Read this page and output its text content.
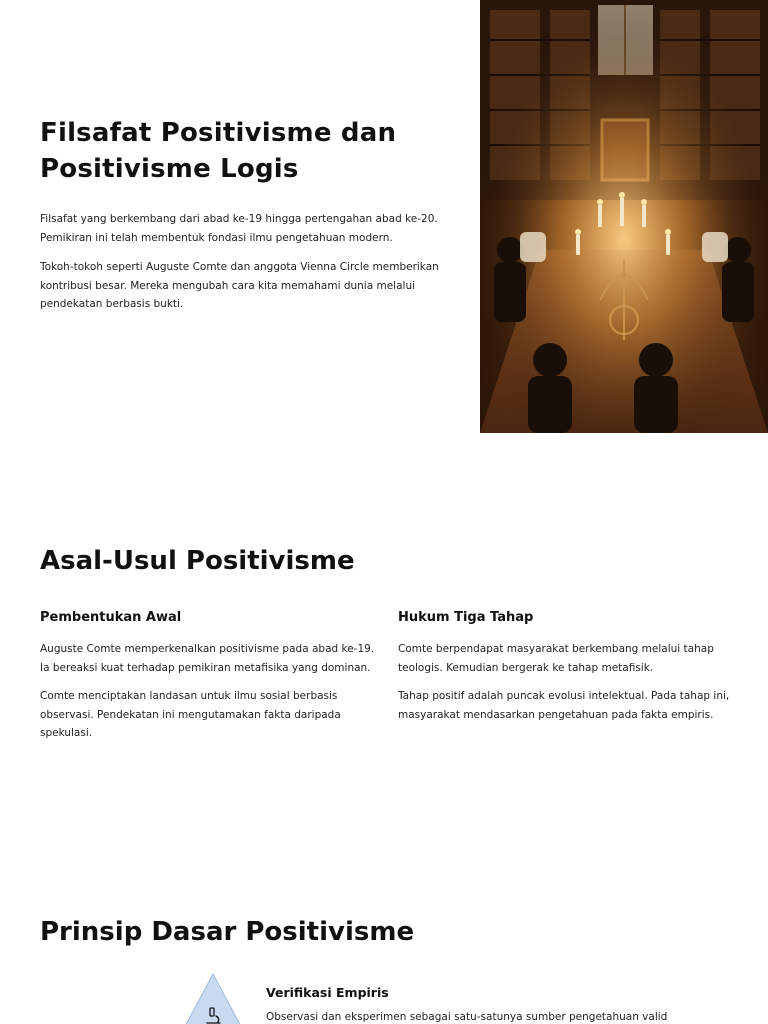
Filsafat Positivisme dan Positivisme Logis

Filsafat yang berkembang dari abad ke-19 hingga pertengahan abad ke-20. Pemikiran ini telah membentuk fondasi ilmu pengetahuan modern.

Tokoh-tokoh seperti Auguste Comte dan anggota Vienna Circle memberikan kontribusi besar. Mereka mengubah cara kita memahami dunia melalui pendekatan berbasis bukti.

Asal-Usul Positivisme
Pembentukan Awal

Auguste Comte memperkenalkan positivisme pada abad ke-19. Ia bereaksi kuat terhadap pemikiran metafisika yang dominan.

Comte menciptakan landasan untuk ilmu sosial berbasis observasi. Pendekatan ini mengutamakan fakta daripada spekulasi.

Hukum Tiga Tahap

Comte berpendapat masyarakat berkembang melalui tahap teologis. Kemudian bergerak ke tahap metafisik.

Tahap positif adalah puncak evolusi intelektual. Pada tahap ini, masyarakat mendasarkan pengetahuan pada fakta empiris.

Prinsip Dasar Positivisme
Verifikasi Empiris
Observasi dan eksperimen sebagai satu-satunya sumber pengetahuan valid
